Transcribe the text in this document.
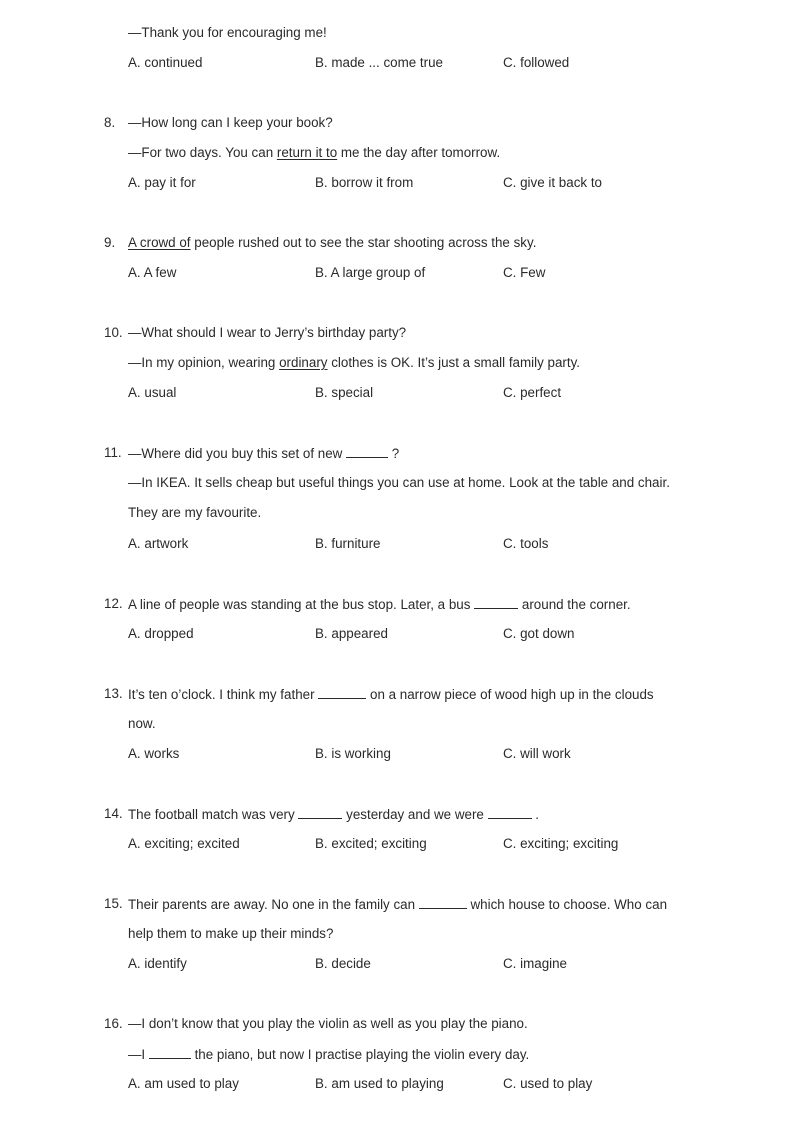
—Thank you for encouraging me!
A. continued	B. made ... come true	C. followed
8. —How long can I keep your book?
—For two days. You can return it to me the day after tomorrow.
A. pay it for	B. borrow it from	C. give it back to
9. A crowd of people rushed out to see the star shooting across the sky.
A. A few	B. A large group of	C. Few
10. —What should I wear to Jerry’s birthday party?
—In my opinion, wearing ordinary clothes is OK. It’s just a small family party.
A. usual	B. special	C. perfect
11. —Where did you buy this set of new	?
—In IKEA. It sells cheap but useful things you can use at home. Look at the table and chair.
They are my favourite.
A. artwork	B. furniture	C. tools
12. A line of people was standing at the bus stop. Later, a bus	around the corner.
A. dropped	B. appeared	C. got down
13. It’s ten o’clock. I think my father	on a narrow piece of wood high up in the clouds
now.
A. works	B. is working	C. will work
14. The football match was very	yesterday and we were	.
A. exciting; excited	B. excited; exciting	C. exciting; exciting
15. Their parents are away. No one in the family can	which house to choose. Who can
help them to make up their minds?
A. identify	B. decide	C. imagine
16. —I don’t know that you play the violin as well as you play the piano.
—I	the piano, but now I practise playing the violin every day.
A. am used to play	B. am used to playing	C. used to play
